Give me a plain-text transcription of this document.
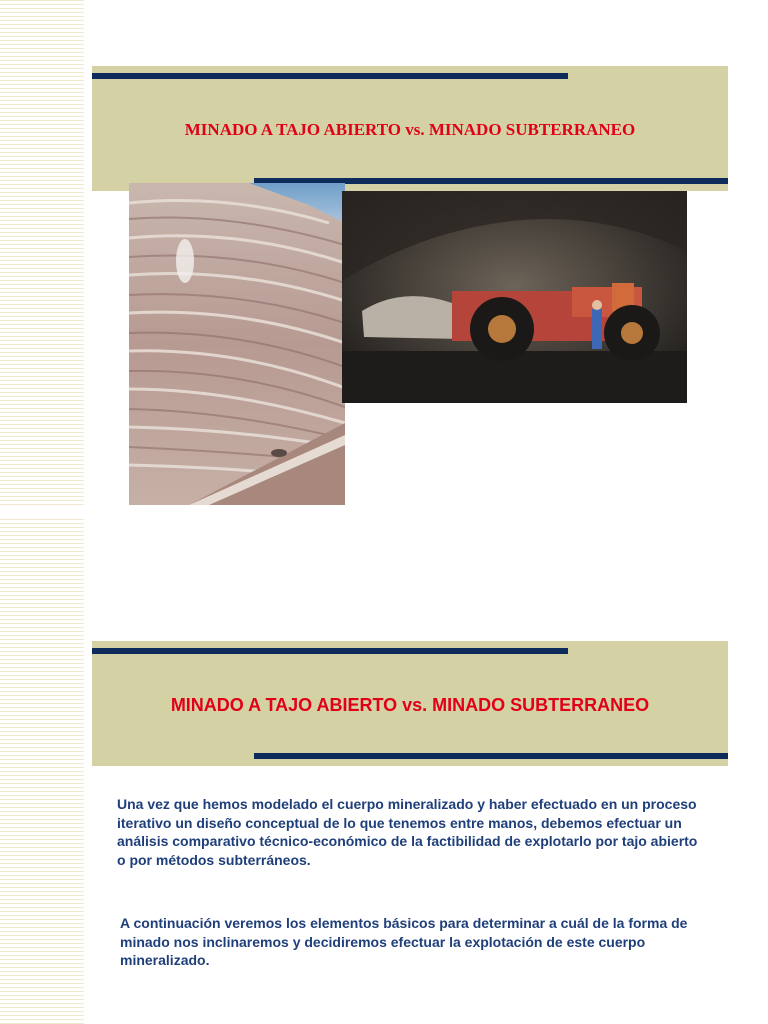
MINADO A TAJO ABIERTO vs. MINADO SUBTERRANEO
MINADO A TAJO ABIERTO vs. MINADO SUBTERRANEO
Una vez que hemos modelado el cuerpo mineralizado y haber efectuado en un proceso iterativo un diseño conceptual de lo que tenemos entre manos, debemos efectuar un análisis comparativo técnico-económico de la factibilidad de explotarlo por tajo abierto o por métodos subterráneos.
A continuación veremos los elementos básicos para determinar a cuál de la forma de minado nos inclinaremos y decidiremos efectuar la explotación de este cuerpo mineralizado.
